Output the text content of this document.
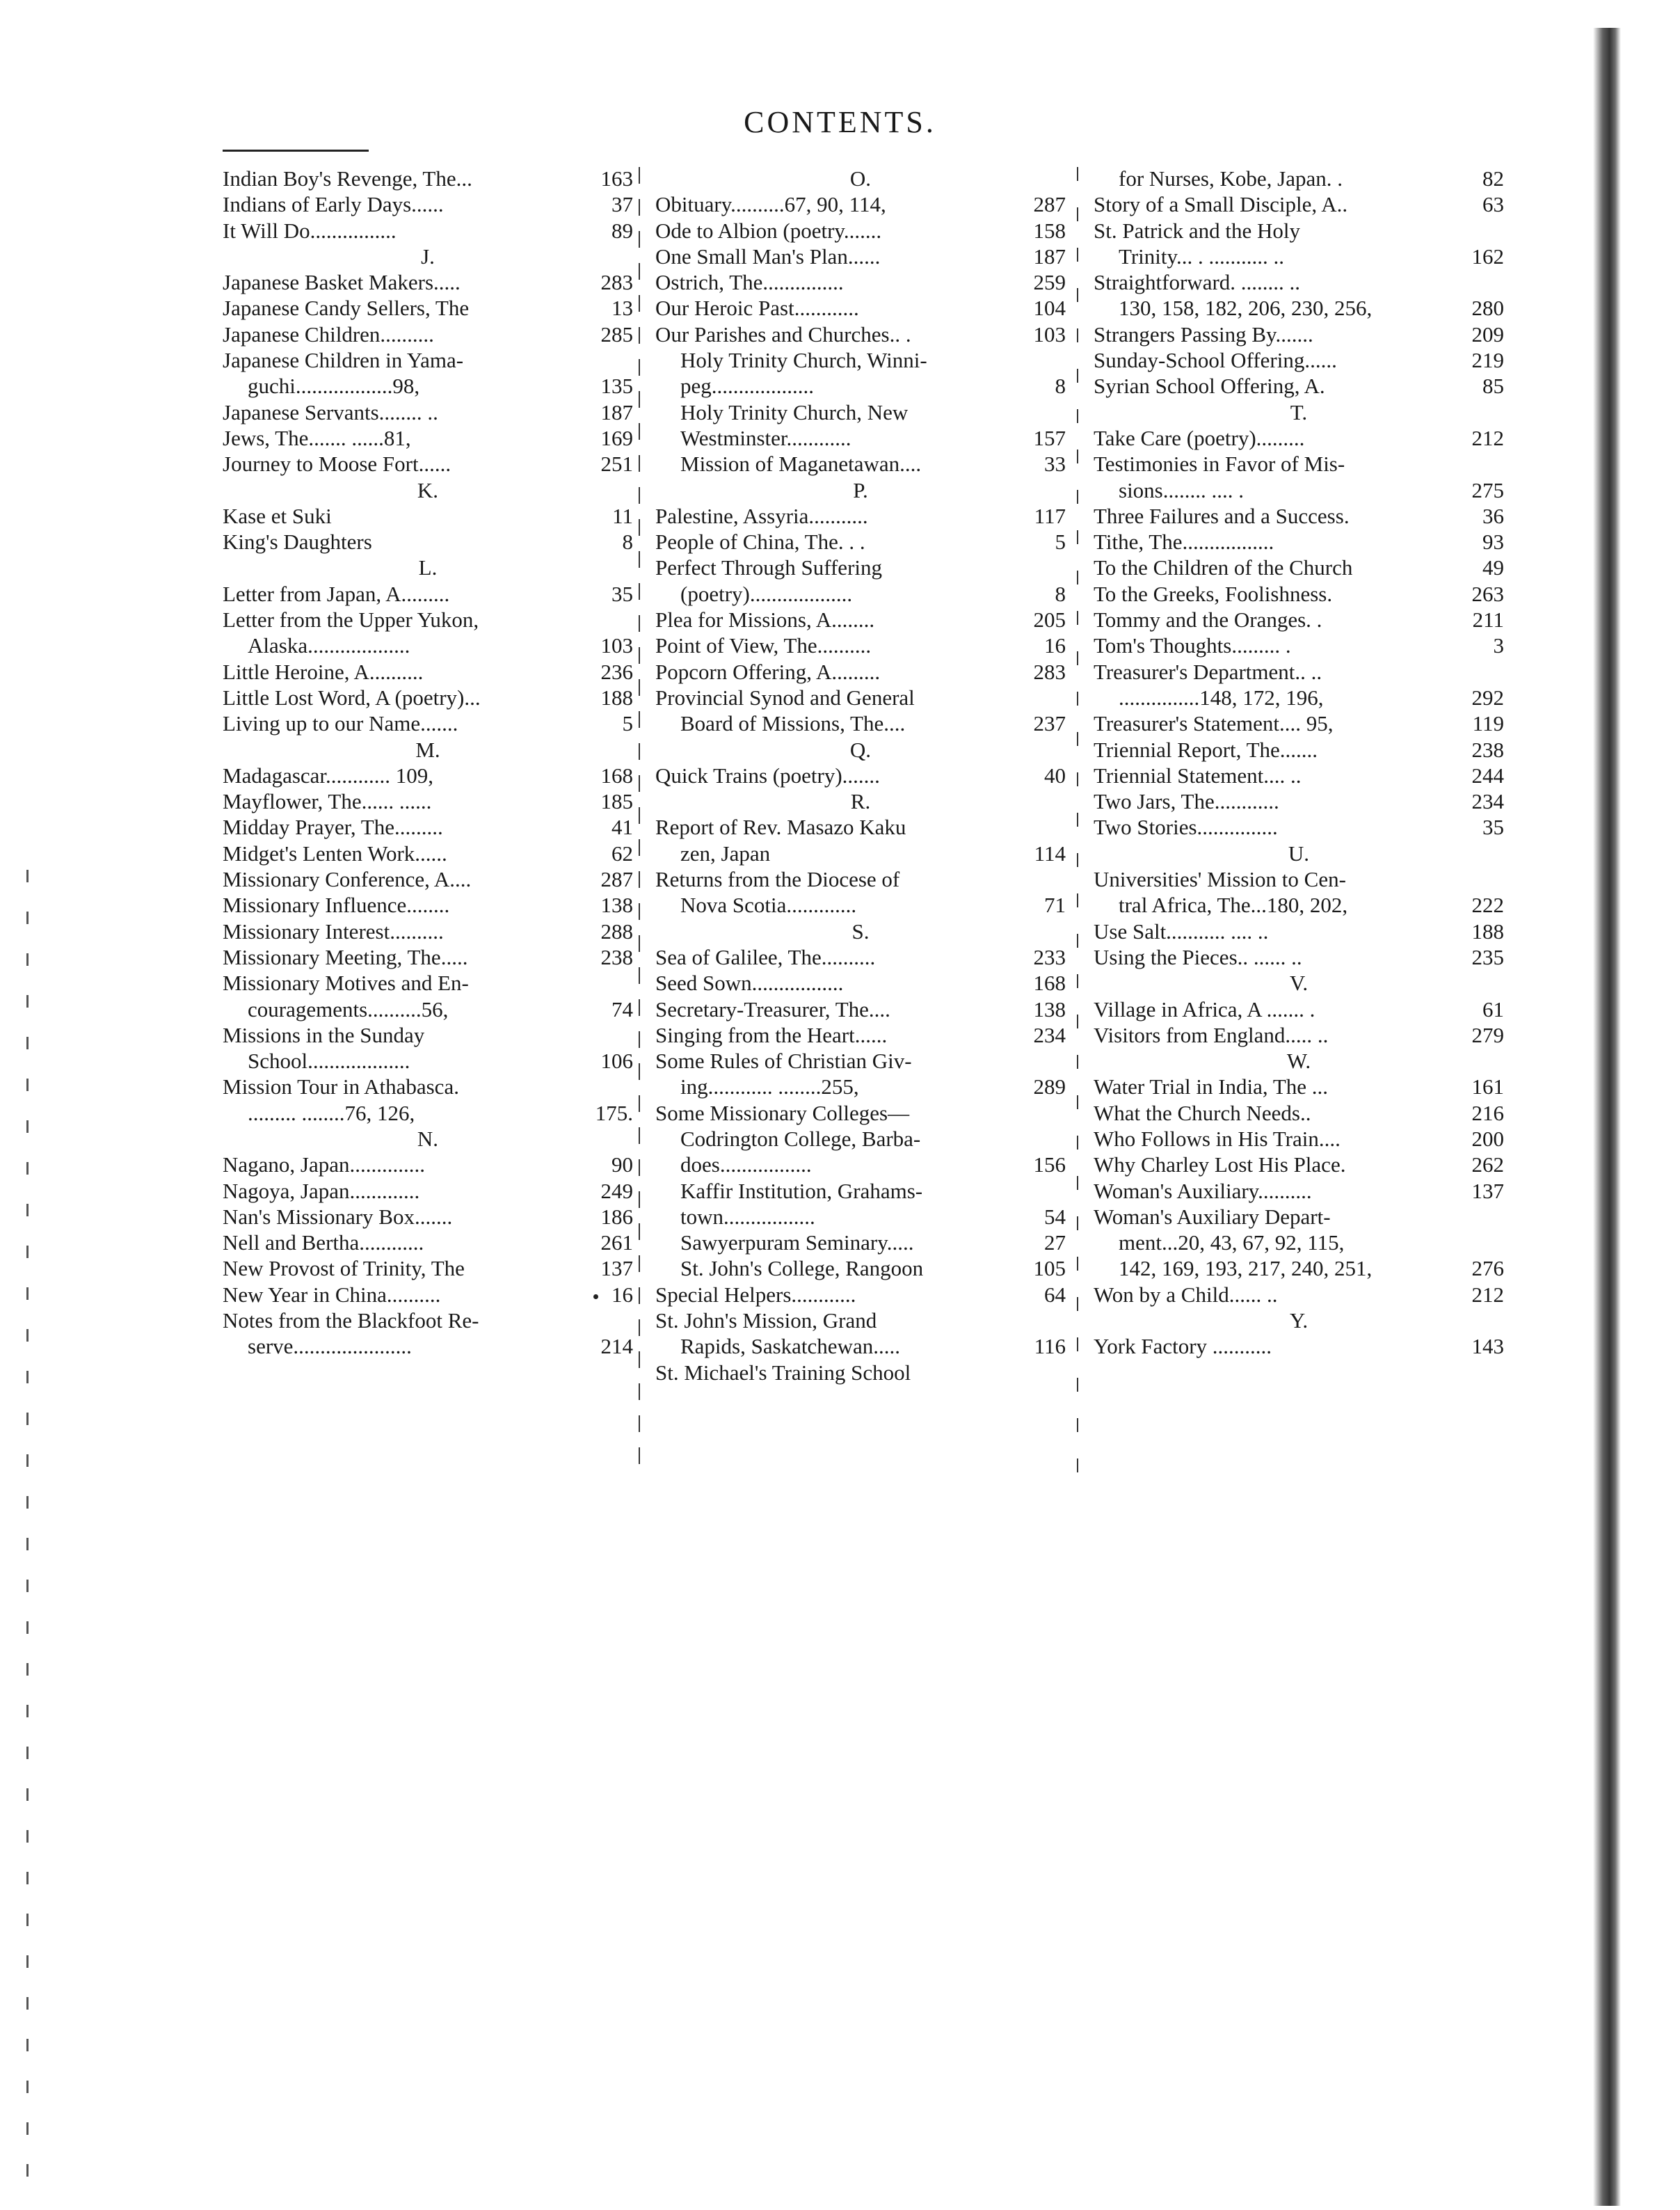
CONTENTS.
Indian Boy's Revenge, The...	163
Indians of Early Days......	37
It Will Do................	89
J.
Japanese Basket Makers.....	283
Japanese Candy Sellers, The	13
Japanese Children..........	285
Japanese Children in Yama-
guchi..................98,	135
Japanese Servants........ ..	187
Jews, The....... ......81,	169
Journey to Moose Fort......	251
K.
Kase et Suki	11
King's Daughters	8
L.
Letter from Japan, A.........	35
Letter from the Upper Yukon,
Alaska...................	103
Little Heroine, A..........	236
Little Lost Word, A (poetry)...	188
Living up to our Name.......	5
M.
Madagascar............ 109,	168
Mayflower, The...... ......	185
Midday Prayer, The.........	41
Midget's Lenten Work......	62
Missionary Conference, A....	287
Missionary Influence........	138
Missionary Interest..........	288
Missionary Meeting, The.....	238
Missionary Motives and En-
couragements..........56,	74
Missions in the Sunday
School...................	106
Mission Tour in Athabasca.
......... ........76, 126,	175.
N.
Nagano, Japan..............	90
Nagoya, Japan.............	249
Nan's Missionary Box.......	186
Nell and Bertha............	261
New Provost of Trinity, The	137
New Year in China..........	16
Notes from the Blackfoot Re-
serve......................	214
O.
Obituary..........67, 90, 114,	287
Ode to Albion (poetry.......	158
One Small Man's Plan......	187
Ostrich, The...............	259
Our Heroic Past............	104
Our Parishes and Churches.. .	103
Holy Trinity Church, Winni-
peg...................	8
Holy Trinity Church, New
Westminster............	157
Mission of Maganetawan....	33
P.
Palestine, Assyria...........	117
People of China, The. . .	5
Perfect Through Suffering
(poetry)...................	8
Plea for Missions, A........	205
Point of View, The..........	16
Popcorn Offering, A.........	283
Provincial Synod and General
Board of Missions, The....	237
Q.
Quick Trains (poetry).......	40
R.
Report of Rev. Masazo Kaku
zen, Japan	114
Returns from the Diocese of
Nova Scotia.............	71
S.
Sea of Galilee, The..........	233
Seed Sown.................	168
Secretary-Treasurer, The....	138
Singing from the Heart......	234
Some Rules of Christian Giv-
ing............ ........255,	289
Some Missionary Colleges—
Codrington College, Barba-
does.................	156
Kaffir Institution, Grahams-
town.................	54
Sawyerpuram Seminary.....	27
St. John's College, Rangoon	105
Special Helpers............	64
St. John's Mission, Grand
Rapids, Saskatchewan.....	116
St. Michael's Training School
for Nurses, Kobe, Japan. .	82
Story of a Small Disciple, A..	63
St. Patrick and the Holy
Trinity... . ........... ..	162
Straightforward. ........ ..
130, 158, 182, 206, 230, 256,	280
Strangers Passing By.......	209
Sunday-School Offering......	219
Syrian School Offering, A.	85
T.
Take Care (poetry).........	212
Testimonies in Favor of Mis-
sions........ .... .	275
Three Failures and a Success.	36
Tithe, The.................	93
To the Children of the Church	49
To the Greeks, Foolishness.	263
Tommy and the Oranges. .	211
Tom's Thoughts......... .	3
Treasurer's Department.. ..
...............148, 172, 196,	292
Treasurer's Statement.... 95,	119
Triennial Report, The.......	238
Triennial Statement.... ..	244
Two Jars, The............	234
Two Stories...............	35
U.
Universities' Mission to Cen-
tral Africa, The...180, 202,	222
Use Salt........... .... ..	188
Using the Pieces.. ...... ..	235
V.
Village in Africa, A ....... .	61
Visitors from England..... ..	279
W.
Water Trial in India, The ...	161
What the Church Needs..	216
Who Follows in His Train....	200
Why Charley Lost His Place.	262
Woman's Auxiliary..........	137
Woman's Auxiliary Depart-
ment...20, 43, 67, 92, 115,
142, 169, 193, 217, 240, 251,	276
Won by a Child...... ..	212
Y.
York Factory ...........	143
